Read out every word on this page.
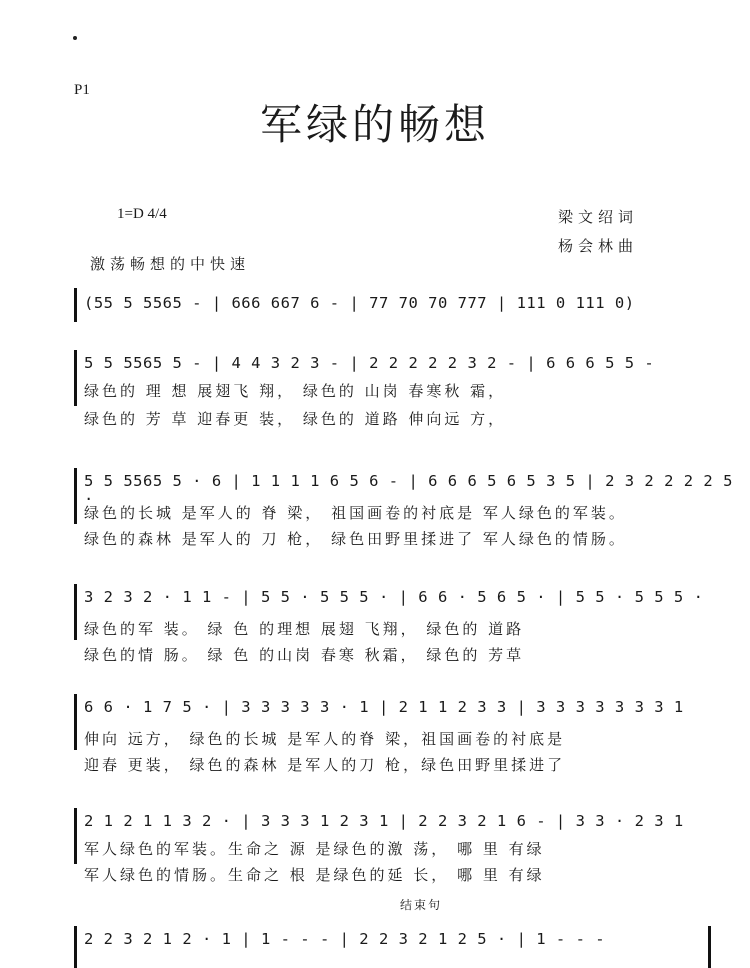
P1
军绿的畅想
1=D 4/4	梁文绍词
杨会林曲
激荡畅想的中快速
(55 5 5565 - | 666 667 6 - | 77 70 70 777 | 111 0 111 0)
5 5 5565 5 - | 4 4 3 2 3 - | 2 2 2 2 2 3 2 - | 6 6 6 5 5 -
绿色的 理 想 展翅飞 翔， 绿色的 山岗 春寒秋 霜，
绿色的 芳 草 迎春更 装， 绿色的 道路 伸向远 方，
5 5 5565 5 · 6 | 1 1 1 1 6 5 6 - | 6 6 6 5 6 5 3 5 | 2 3 2 2 2 2 5 ·
绿色的长城 是军人的 脊 梁， 祖国画卷的衬底是 军人绿色的军装。
绿色的森林 是军人的 刀 枪， 绿色田野里揉进了 军人绿色的情肠。
3 2 3 2 · 1 1 - | 5 5 · 5 5 5 · | 6 6 · 5 6 5 · | 5 5 · 5 5 5 ·
绿色的军 装。 绿 色 的理想 展翅 飞翔， 绿色的 道路
绿色的情 肠。 绿 色 的山岗 春寒 秋霜， 绿色的 芳草
6 6 · 1 7 5 · | 3 3 3 3 3 · 1 | 2 1 1 2 3 3 | 3 3 3 3 3 3 3 1
伸向 远方， 绿色的长城 是军人的脊 梁，祖国画卷的衬底是
迎春 更装， 绿色的森林 是军人的刀 枪，绿色田野里揉进了
2 1 2 1 1 3 2 · | 3 3 3 1 2 3 1 | 2 2 3 2 1 6 - | 3 3 · 2 3 1
军人绿色的军装。生命之 源 是绿色的激 荡， 哪 里 有绿
军人绿色的情肠。生命之 根 是绿色的延 长， 哪 里 有绿
结束句
2 2 3 2 1 2 · 1 | 1 - - - | 2 2 3 2 1 2 5 · | 1 - - -
